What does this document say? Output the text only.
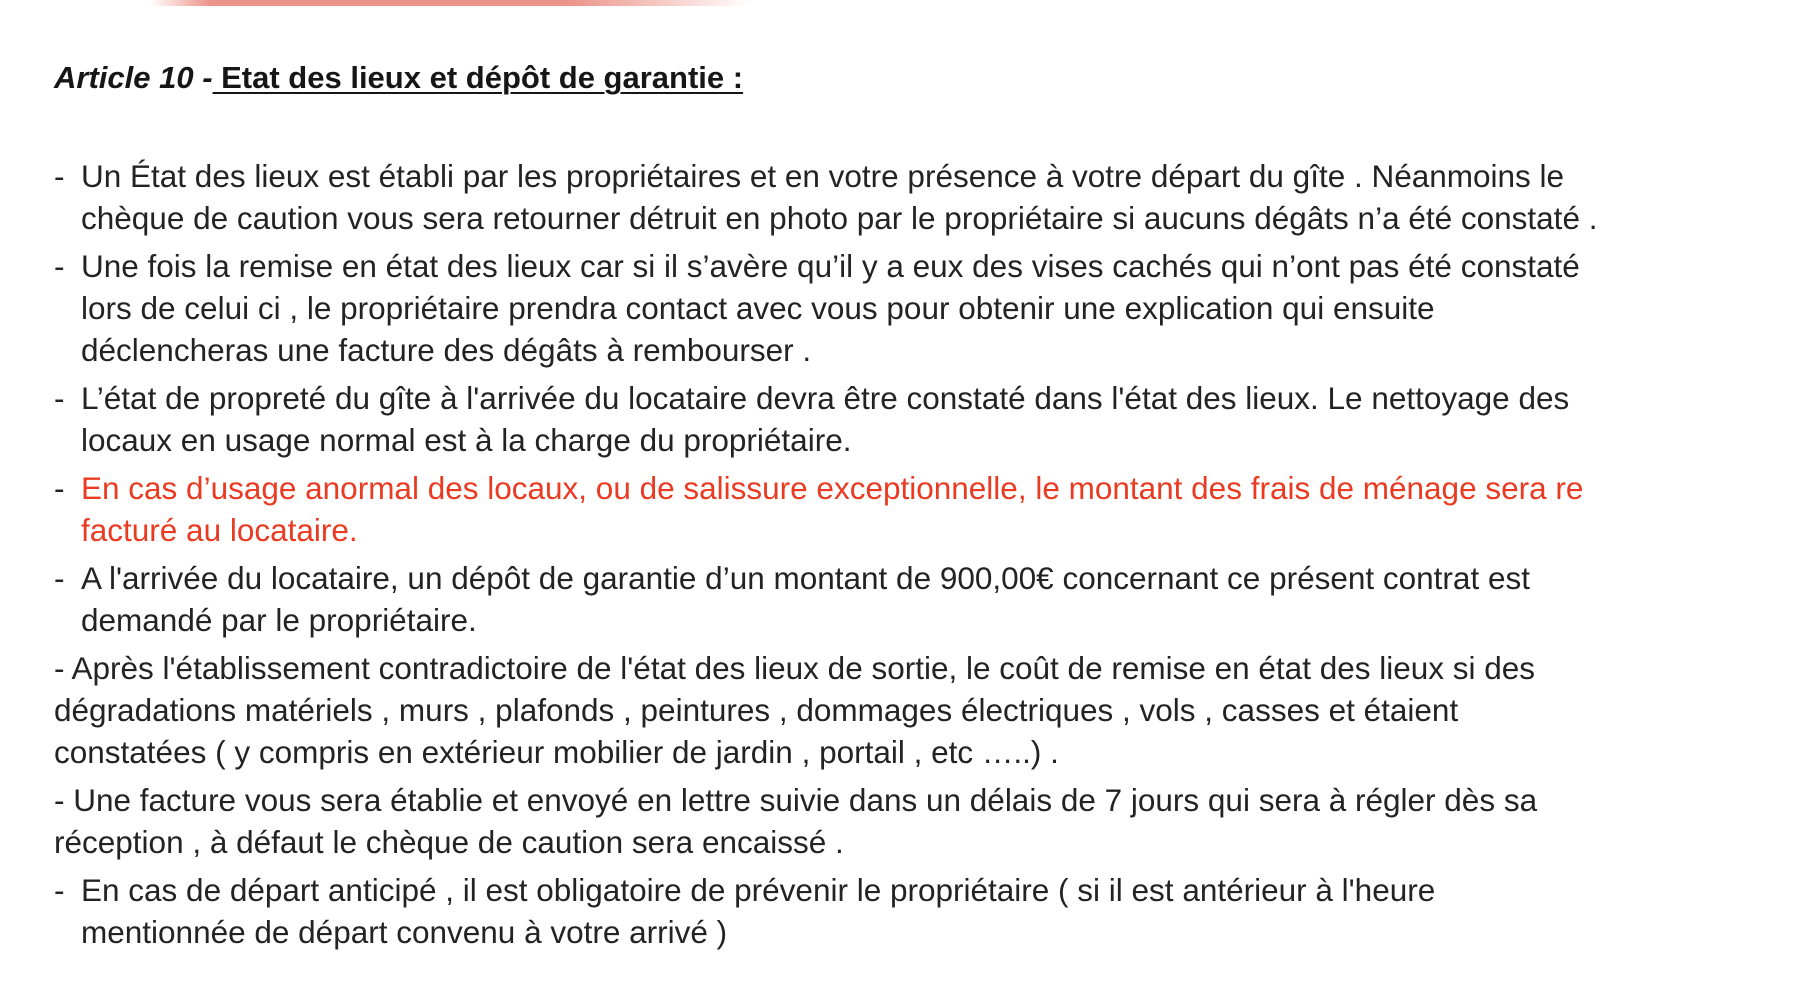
Article 10 - Etat des lieux et dépôt de garantie :
- Un État des lieux est établi par les propriétaires et en votre présence à votre départ du gîte . Néanmoins le
chèque de caution vous sera retourner détruit en photo par le propriétaire si aucuns dégâts n’a été constaté .
- Une fois la remise en état des lieux car si il s’avère qu’il y a eux des vises cachés qui n’ont pas été constaté
lors de celui ci , le propriétaire prendra contact avec vous pour obtenir une explication qui ensuite
déclencheras une facture des dégâts à rembourser .
- L’état de propreté du gîte à l'arrivée du locataire devra être constaté dans l'état des lieux. Le nettoyage des
locaux en usage normal est à la charge du propriétaire.
- En cas d’usage anormal des locaux, ou de salissure exceptionnelle, le montant des frais de ménage sera re
facturé au locataire.
- A l'arrivée du locataire, un dépôt de garantie d’un montant de 900,00€ concernant ce présent contrat est
demandé par le propriétaire.
- Après l'établissement contradictoire de l'état des lieux de sortie, le coût de remise en état des lieux si des
dégradations matériels , murs , plafonds , peintures , dommages électriques , vols , casses et étaient
constatées ( y compris en extérieur mobilier de jardin , portail , etc …..) .
- Une facture vous sera établie et envoyé en lettre suivie dans un délais de 7 jours qui sera à régler dès sa
réception , à défaut le chèque de caution sera encaissé .
- En cas de départ anticipé , il est obligatoire de prévenir le propriétaire ( si il est antérieur à l'heure
mentionnée de départ convenu à votre arrivé )
